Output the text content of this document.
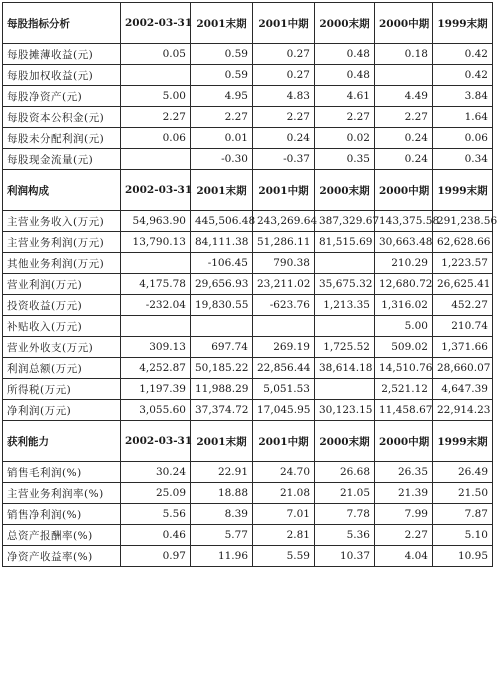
每股指标分析	2002-03-31	2001末期	2001中期	2000末期	2000中期	1999末期
每股摊薄收益(元)	0.05	0.59	0.27	0.48	0.18	0.42
每股加权收益(元)		0.59	0.27	0.48		0.42
每股净资产(元)	5.00	4.95	4.83	4.61	4.49	3.84
每股资本公积金(元)	2.27	2.27	2.27	2.27	2.27	1.64
每股未分配利润(元)	0.06	0.01	0.24	0.02	0.24	0.06
每股现金流量(元)		-0.30	-0.37	0.35	0.24	0.34
利润构成	2002-03-31	2001末期	2001中期	2000末期	2000中期	1999末期
主营业务收入(万元)	54,963.90	445,506.48	243,269.64	387,329.67	143,375.58	291,238.56
主营业务利润(万元)	13,790.13	84,111.38	51,286.11	81,515.69	30,663.48	62,628.66
其他业务利润(万元)		-106.45	790.38		210.29	1,223.57
营业利润(万元)	4,175.78	29,656.93	23,211.02	35,675.32	12,680.72	26,625.41
投资收益(万元)	-232.04	19,830.55	-623.76	1,213.35	1,316.02	452.27
补贴收入(万元)					5.00	210.74
营业外收支(万元)	309.13	697.74	269.19	1,725.52	509.02	1,371.66
利润总额(万元)	4,252.87	50,185.22	22,856.44	38,614.18	14,510.76	28,660.07
所得税(万元)	1,197.39	11,988.29	5,051.53		2,521.12	4,647.39
净利润(万元)	3,055.60	37,374.72	17,045.95	30,123.15	11,458.67	22,914.23
获利能力	2002-03-31	2001末期	2001中期	2000末期	2000中期	1999末期
销售毛利润(%)	30.24	22.91	24.70	26.68	26.35	26.49
主营业务利润率(%)	25.09	18.88	21.08	21.05	21.39	21.50
销售净利润(%)	5.56	8.39	7.01	7.78	7.99	7.87
总资产报酬率(%)	0.46	5.77	2.81	5.36	2.27	5.10
净资产收益率(%)	0.97	11.96	5.59	10.37	4.04	10.95
